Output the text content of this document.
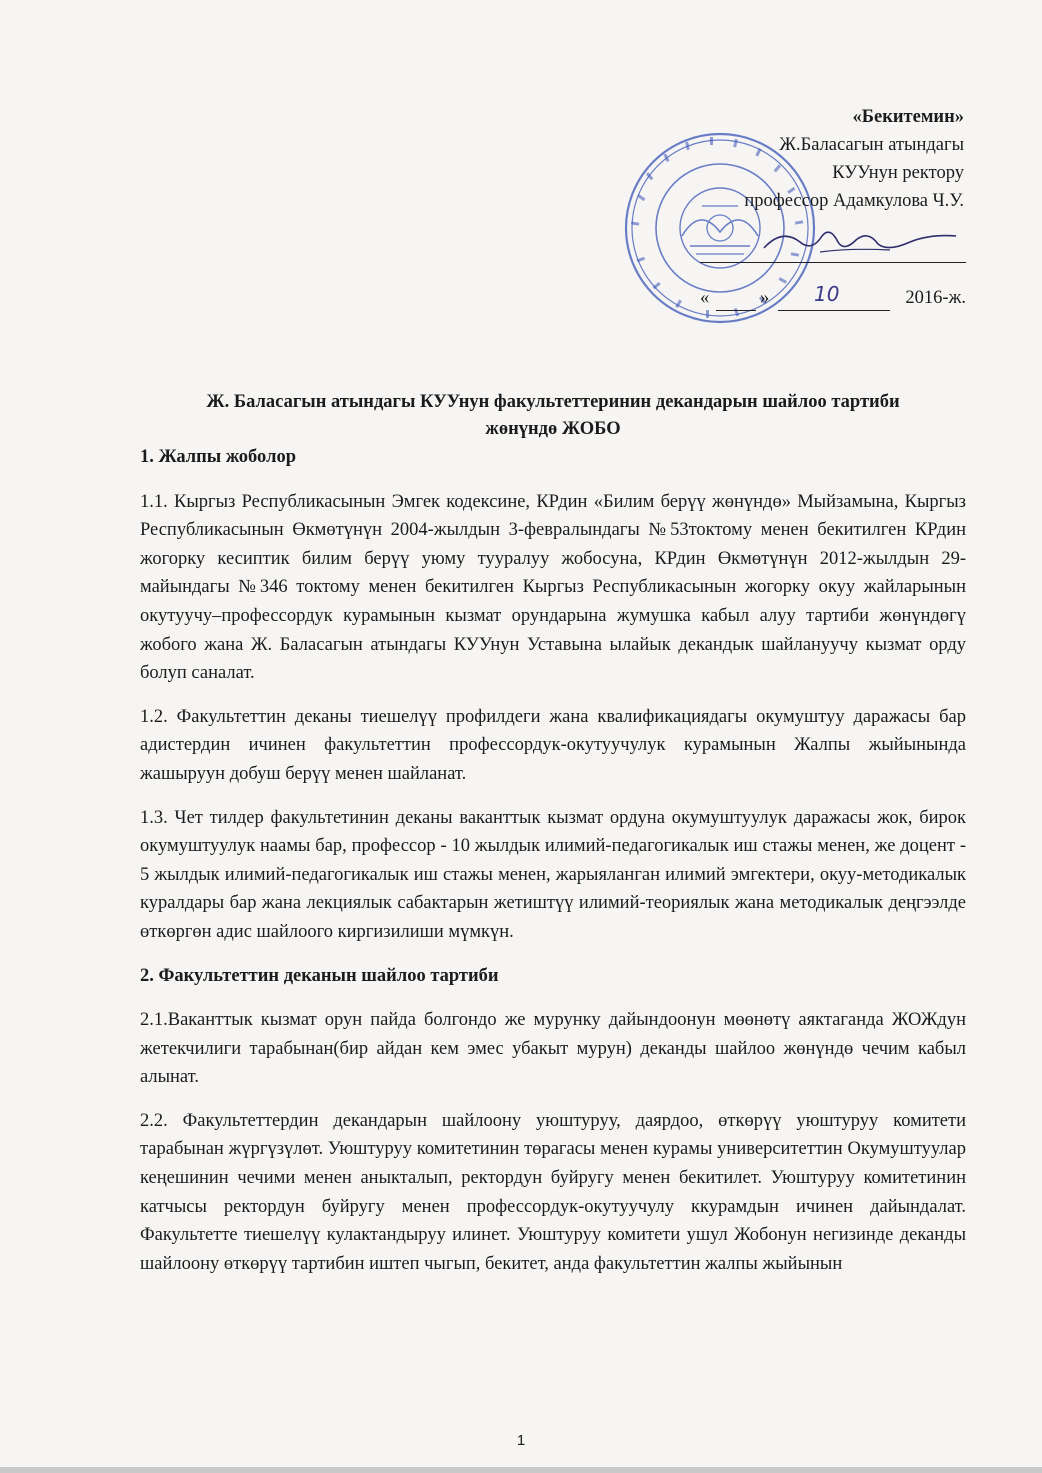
«Бекитемин»
Ж.Баласагын атындагы
КУУнун ректору
профессор Адамкулова Ч.У.
«	» 10	2016-ж.
Ж. Баласагын атындагы КУУнун факультеттеринин декандарын шайлоо тартиби
жөнүндө ЖОБО
1. Жалпы жоболор

1.1. Кыргыз Республикасынын Эмгек кодексине, КРдин «Билим берүү жөнүндө» Мыйзамына, Кыргыз Республикасынын Өкмөтүнүн 2004-жылдын 3-февралындагы №53токтому менен бекитилген КРдин жогорку кесиптик билим берүү уюму тууралуу жобосуна, КРдин Өкмөтүнүн 2012-жылдын 29-майындагы №346 токтому менен бекитилген Кыргыз Республикасынын жогорку окуу жайларынын окутуучу–профессордук курамынын кызмат орундарына жумушка кабыл алуу тартиби жөнүндөгү жобого жана Ж. Баласагын атындагы КУУнун Уставына ылайык декандык шайлануучу кызмат орду болуп саналат.

1.2. Факультеттин деканы тиешелүү профилдеги жана квалификациядагы окумуштуу даражасы бар адистердин ичинен факультеттин профессордук-окутуучулук курамынын Жалпы жыйынында жашыруун добуш берүү менен шайланат.

1.3. Чет тилдер факультетинин деканы ваканттык кызмат ордуна окумуштуулук даражасы жок, бирок окумуштуулук наамы бар, профессор - 10 жылдык илимий-педагогикалык иш стажы менен, же доцент - 5 жылдык илимий-педагогикалык иш стажы менен, жарыяланган илимий эмгектери, окуу-методикалык куралдары бар жана лекциялык сабактарын жетиштүү илимий-теориялык жана методикалык деңгээлде өткөргөн адис шайлоого киргизилиши мүмкүн.

2. Факультеттин деканын шайлоо тартиби

2.1.Ваканттык кызмат орун пайда болгондо же мурунку дайындоонун мөөнөтү аяктаганда ЖОЖдун жетекчилиги тарабынан(бир айдан кем эмес убакыт мурун) деканды шайлоо жөнүндө чечим кабыл алынат.

2.2. Факультеттердин декандарын шайлоону уюштуруу, даярдоо, өткөрүү уюштуруу комитети тарабынан жүргүзүлөт. Уюштуруу комитетинин төрагасы менен курамы университеттин Окумуштуулар кеңешинин чечими менен аныкталып, ректордун буйругу менен бекитилет. Уюштуруу комитетинин катчысы ректордун буйругу менен профессордук-окутуучулу ккурамдын ичинен дайындалат. Факультетте тиешелүү кулактандыруу илинет. Уюштуруу комитети ушул Жобонун негизинде деканды шайлоону өткөрүү тартибин иштеп чыгып, бекитет, анда факультеттин жалпы жыйынын

1
